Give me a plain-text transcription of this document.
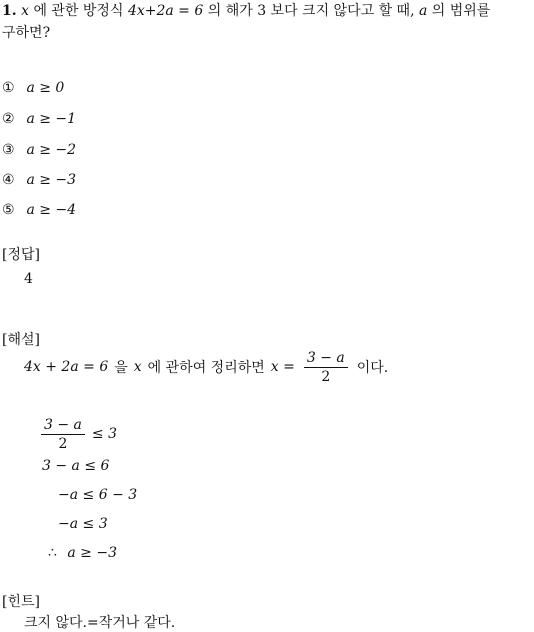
1. x 에 관한 방정식 4x+2a = 6 의 해가 3 보다 크지 않다고 할 때, a 의 범위를
구하면?
① a ≥ 0
② a ≥ −1
③ a ≥ −2
④ a ≥ −3
⑤ a ≥ −4
[정답]
4
[해설]
4x + 2a = 6 을 x 에 관하여 정리하면 $x = \frac{3 - a}{2}$ 이다.
$\frac{3 - a}{2} \le 3$
3 − a ≤ 6
−a ≤ 6 − 3
−a ≤ 3
∴ a ≥ −3
[힌트]
크지 않다.=작거나 같다.
